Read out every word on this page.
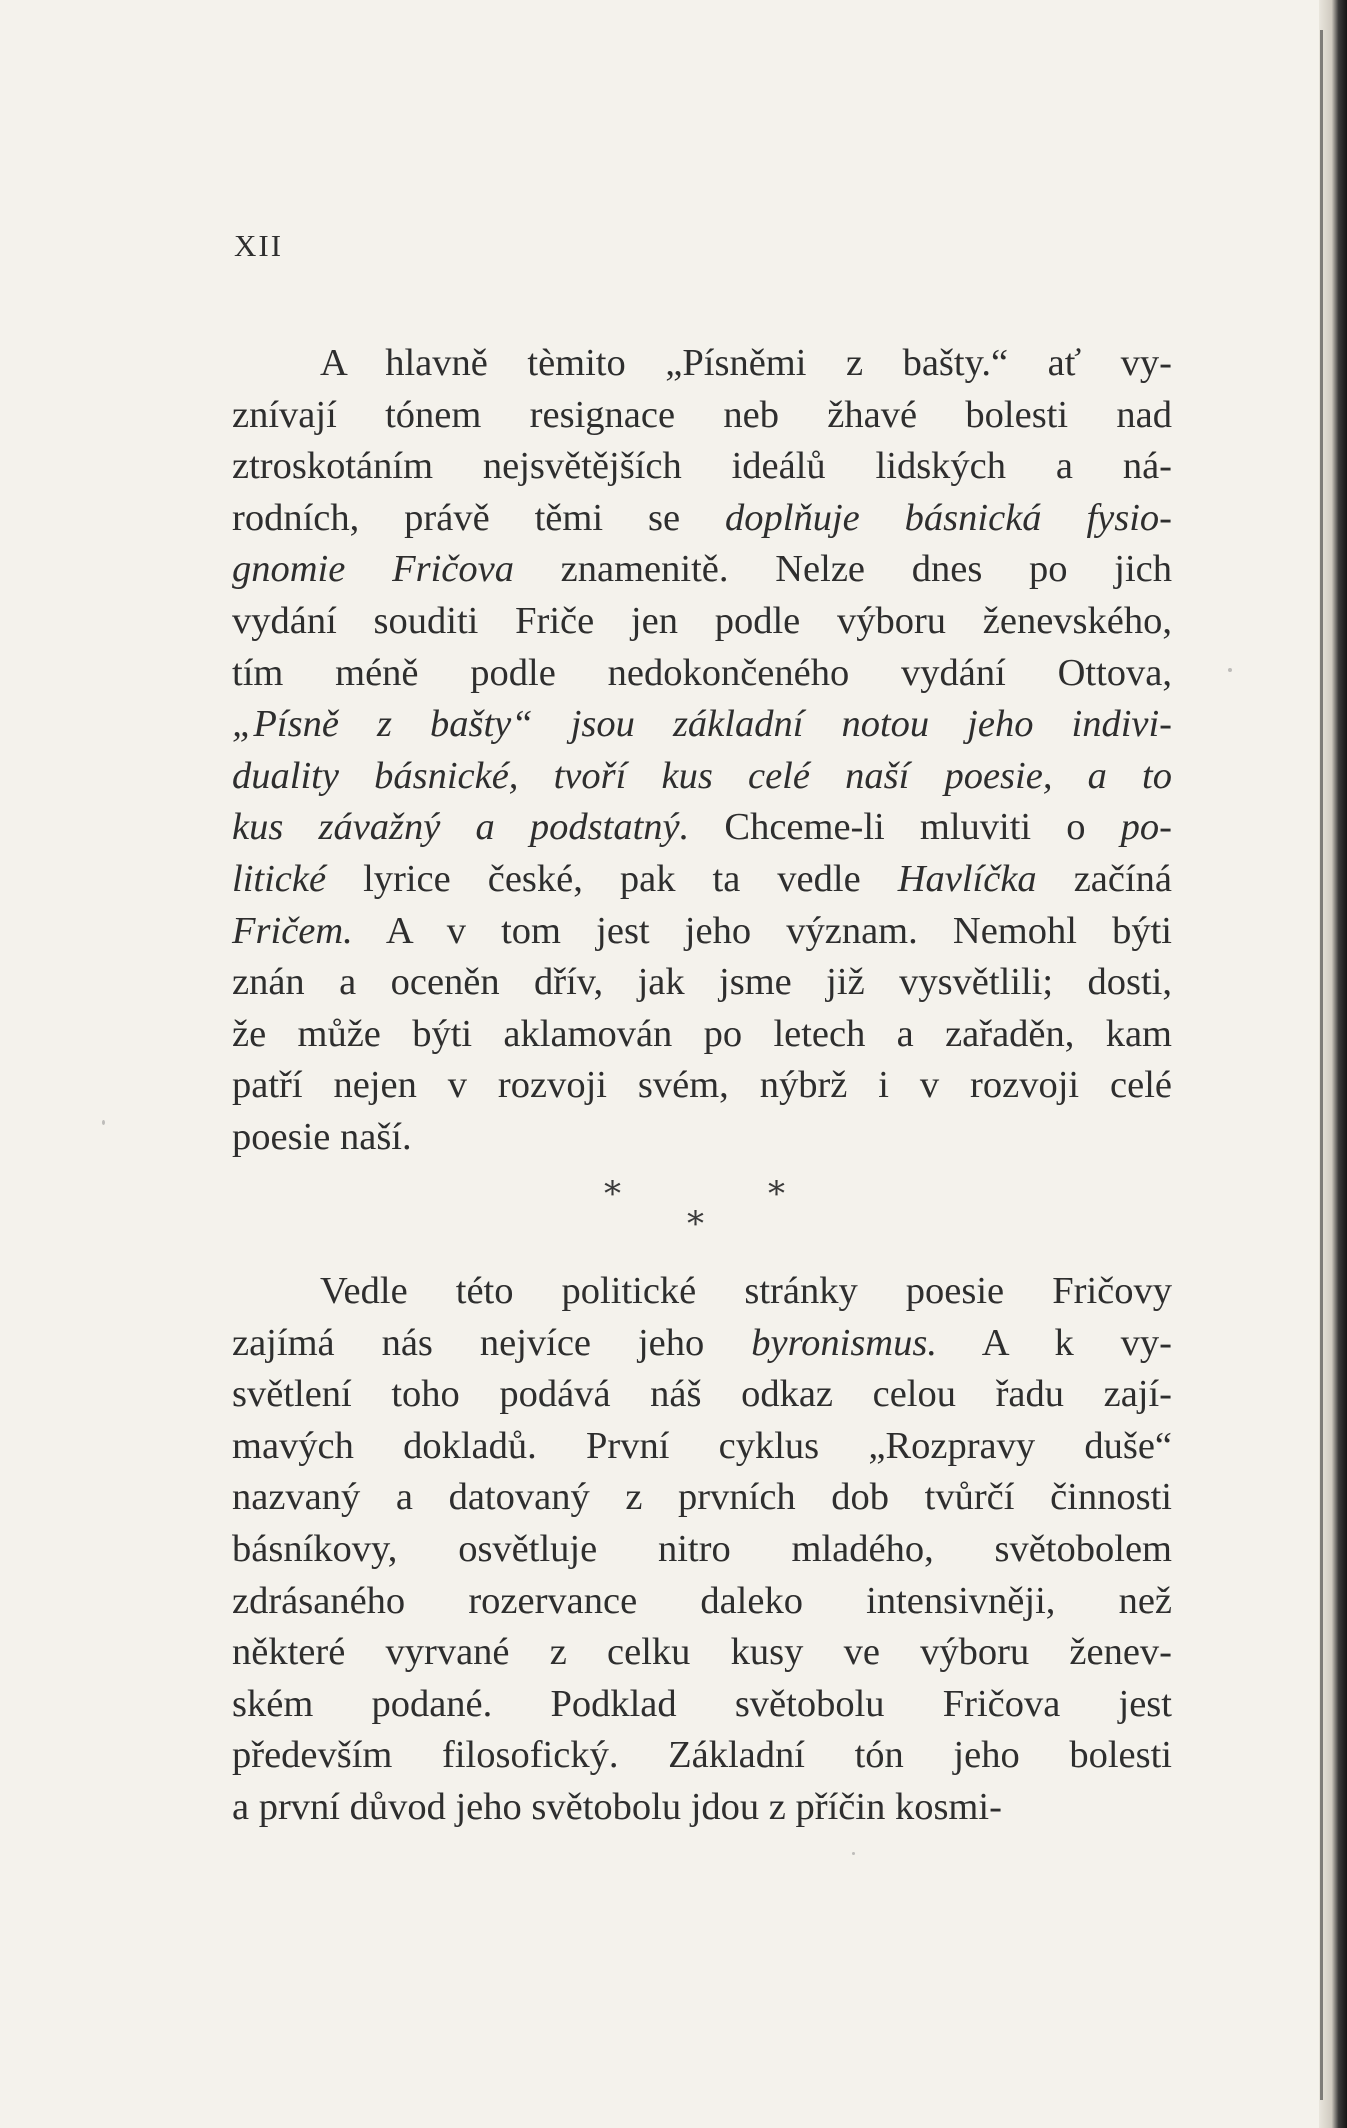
XII
A hlavně tèmito „Písněmi z bašty.“ ať vy-
znívají tónem resignace neb žhavé bolesti nad
ztroskotáním nejsvětějších ideálů lidských a ná-
rodních, právě těmi se doplňuje básnická fysio-
gnomie Fričova znamenitě. Nelze dnes po jich
vydání souditi Friče jen podle výboru ženevského,
tím méně podle nedokončeného vydání Ottova,
„Písně z bašty“ jsou základní notou jeho indivi-
duality básnické, tvoří kus celé naší poesie, a to
kus závažný a podstatný. Chceme-li mluviti o po-
litické lyrice české, pak ta vedle Havlíčka začíná
Fričem. A v tom jest jeho význam. Nemohl býti
znán a oceněn dřív, jak jsme již vysvětlili; dosti,
že může býti aklamován po letech a zařaděn, kam
patří nejen v rozvoji svém, nýbrž i v rozvoji celé
poesie naší.
*	*
*
Vedle této politické stránky poesie Fričovy
zajímá nás nejvíce jeho byronismus. A k vy-
světlení toho podává náš odkaz celou řadu zají-
mavých dokladů. První cyklus „Rozpravy duše“
nazvaný a datovaný z prvních dob tvůrčí činnosti
básníkovy, osvětluje nitro mladého, světobolem
zdrásaného rozervance daleko intensivněji, než
některé vyrvané z celku kusy ve výboru ženev-
ském podané. Podklad světobolu Fričova jest
především filosofický. Základní tón jeho bolesti
a první důvod jeho světobolu jdou z příčin kosmi-
